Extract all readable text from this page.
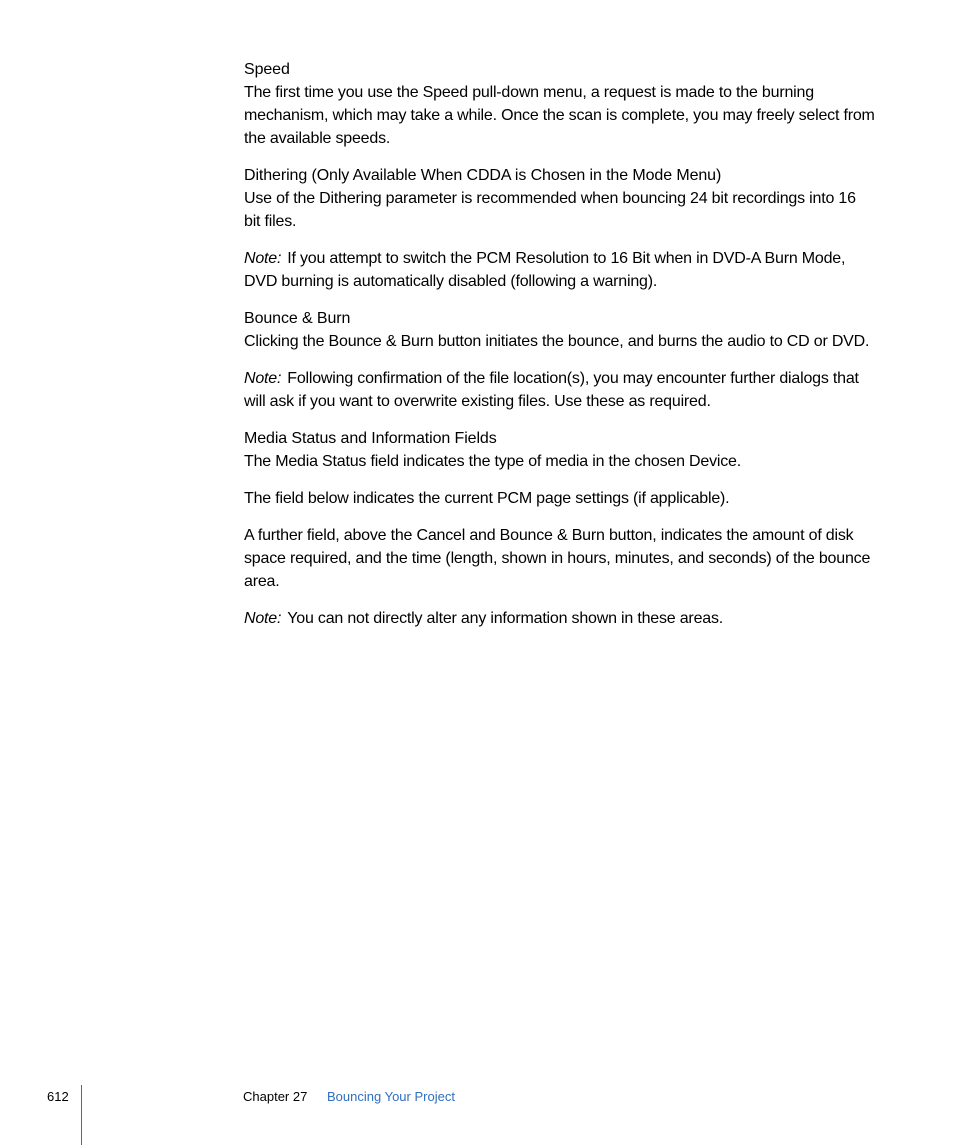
Speed

The first time you use the Speed pull-down menu, a request is made to the burning mechanism, which may take a while. Once the scan is complete, you may freely select from the available speeds.

Dithering (Only Available When CDDA is Chosen in the Mode Menu)

Use of the Dithering parameter is recommended when bouncing 24 bit recordings into 16 bit files.

Note: If you attempt to switch the PCM Resolution to 16 Bit when in DVD-A Burn Mode, DVD burning is automatically disabled (following a warning).

Bounce & Burn

Clicking the Bounce & Burn button initiates the bounce, and burns the audio to CD or DVD.

Note: Following confirmation of the file location(s), you may encounter further dialogs that will ask if you want to overwrite existing files. Use these as required.

Media Status and Information Fields

The Media Status field indicates the type of media in the chosen Device.

The field below indicates the current PCM page settings (if applicable).

A further field, above the Cancel and Bounce & Burn button, indicates the amount of disk space required, and the time (length, shown in hours, minutes, and seconds) of the bounce area.

Note: You can not directly alter any information shown in these areas.

612	Chapter 27 Bouncing Your Project
